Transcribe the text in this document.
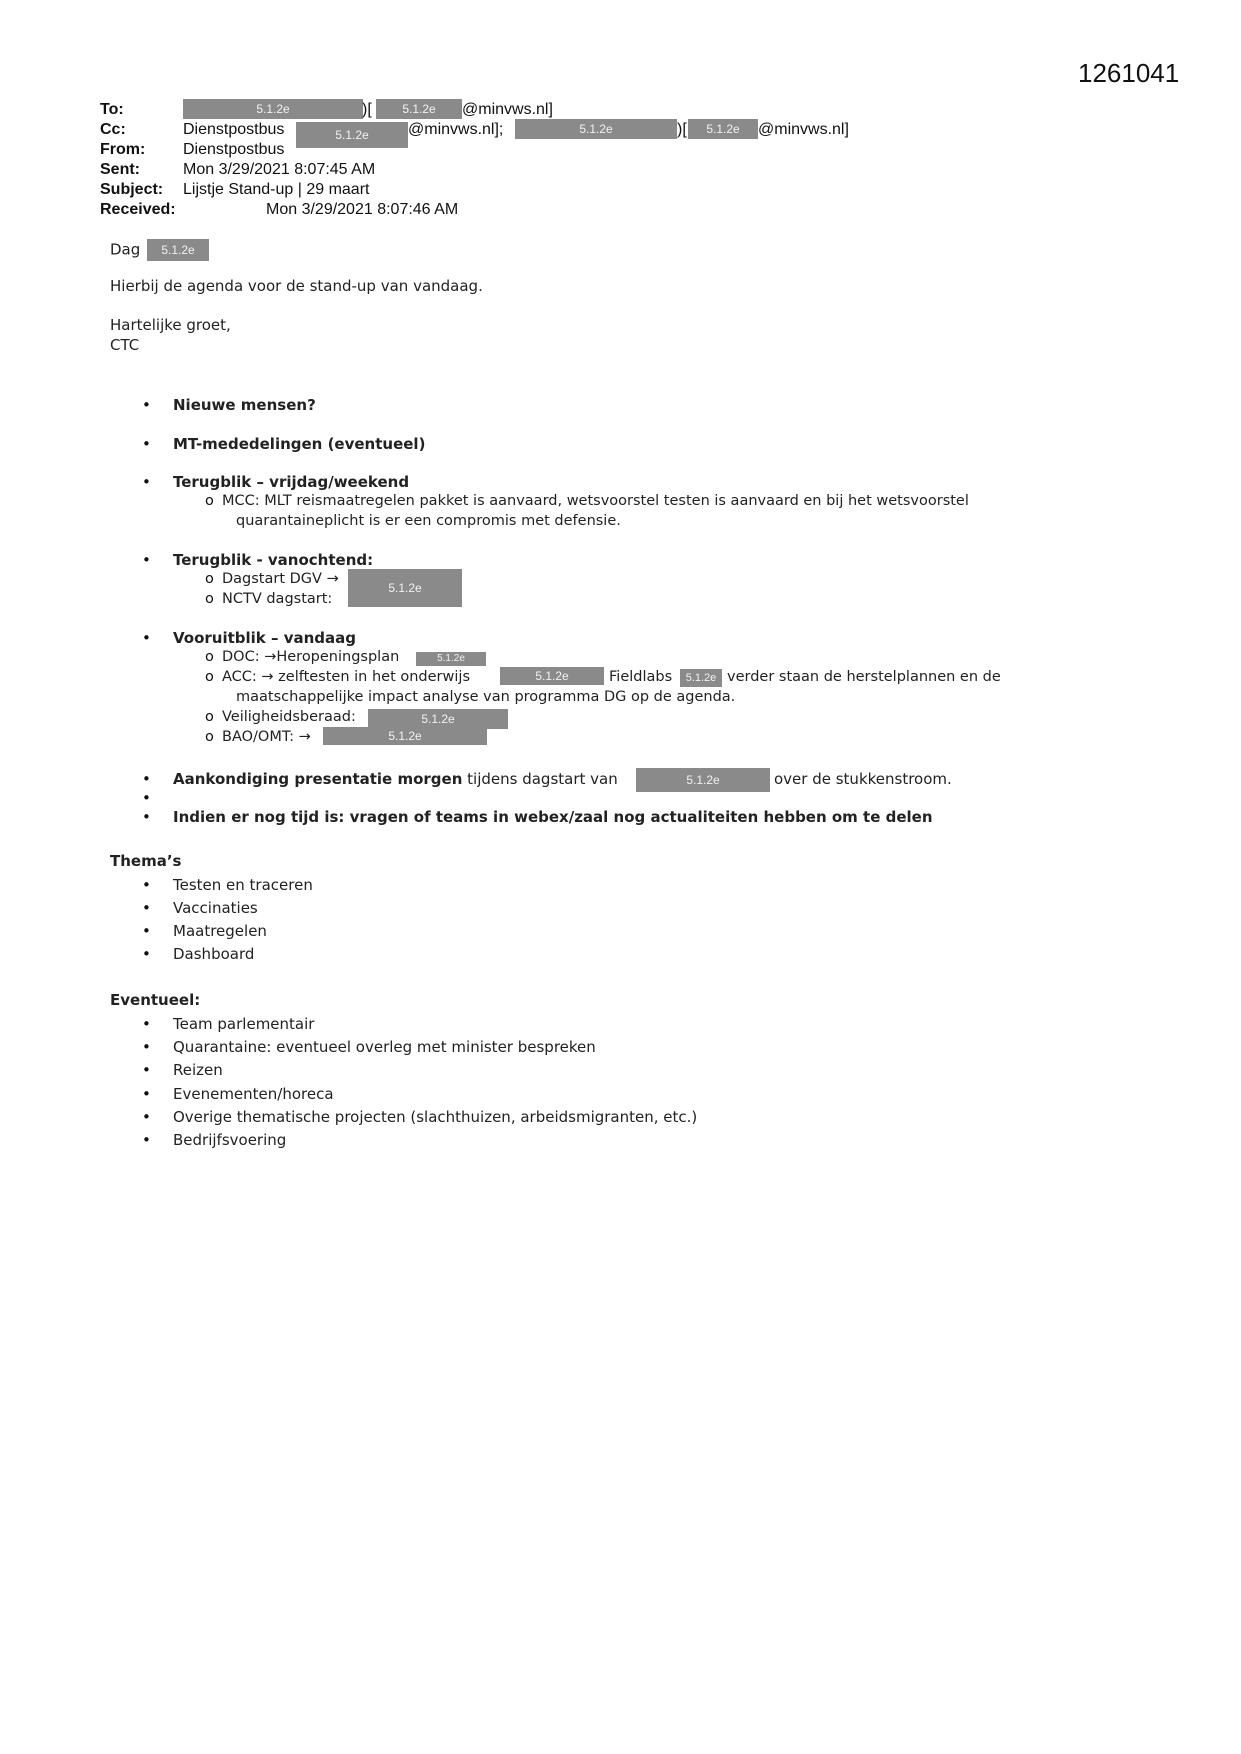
1261041
To:	5.1.2e	)[	5.1.2e	@minvws.nl]
Cc:	Dienstpostbus	5.1.2e	@minvws.nl];	5.1.2e	)[	5.1.2e	@minvws.nl]
From: Dienstpostbus
Sent:	Mon 3/29/2021 8:07:45 AM
Subject: Lijstje Stand-up | 29 maart
Received:	Mon 3/29/2021 8:07:46 AM
Dag 5.1.2e
Hierbij de agenda voor de stand-up van vandaag.
Hartelijke groet,
CTC
• Nieuwe mensen?
• MT-mededelingen (eventueel)
• Terugblik – vrijdag/weekend
o MCC: MLT reismaatregelen pakket is aanvaard, wetsvoorstel testen is aanvaard en bij het wetsvoorstel
quarantaineplicht is er een compromis met defensie.
• Terugblik - vanochtend:
o Dagstart DGV →
o NCTV dagstart:
5.1.2e
• Vooruitblik – vandaag
o DOC: →Heropeningsplan	5.1.2e
o ACC: → zelftesten in het onderwijs	5.1.2e	Fieldlabs	5.1.2e verder staan de herstelplannen en de
maatschappelijke impact analyse van programma DG op de agenda.
o Veiligheidsberaad:	5.1.2e
o BAO/OMT: →	5.1.2e
• Aankondiging presentatie morgen tijdens dagstart van	5.1.2e	over de stukkenstroom.
•
• Indien er nog tijd is: vragen of teams in webex/zaal nog actualiteiten hebben om te delen
Thema’s
• Testen en traceren
• Vaccinaties
• Maatregelen
• Dashboard
Eventueel:
• Team parlementair
• Quarantaine: eventueel overleg met minister bespreken
• Reizen
• Evenementen/horeca
• Overige thematische projecten (slachthuizen, arbeidsmigranten, etc.)
• Bedrijfsvoering
